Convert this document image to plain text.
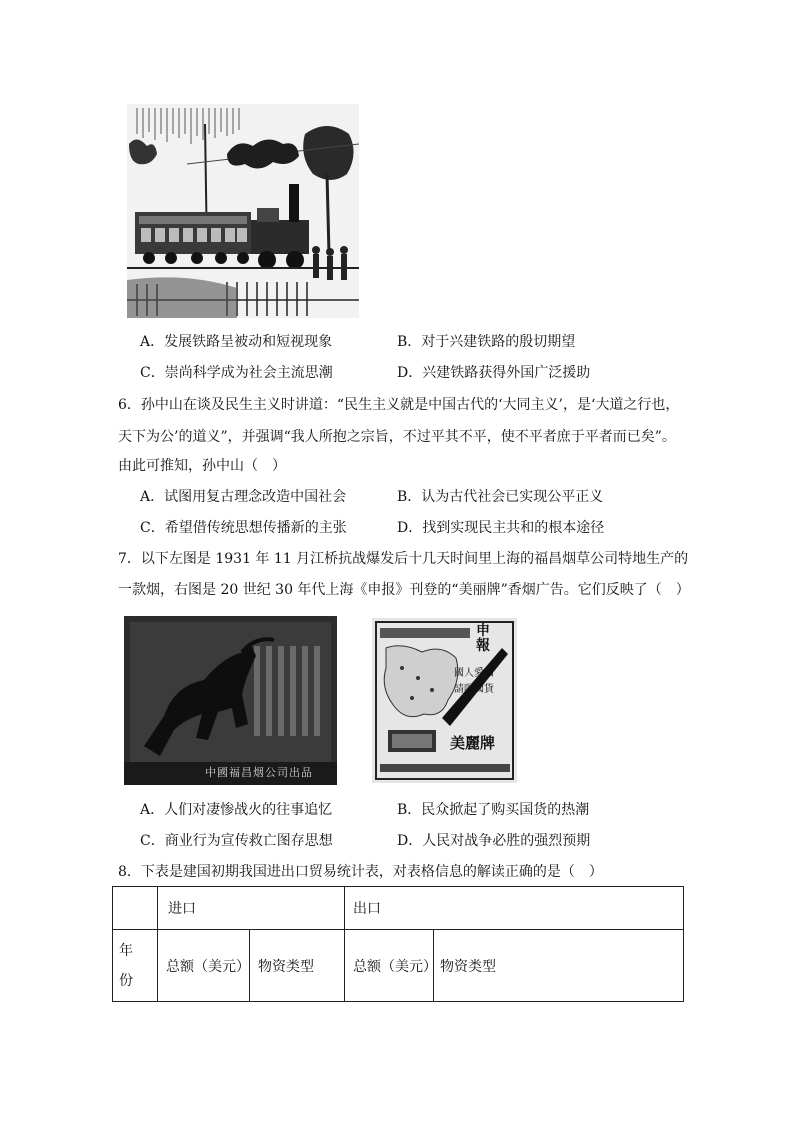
A．发展铁路呈被动和短视现象	B．对于兴建铁路的殷切期望
C．崇尚科学成为社会主流思潮	D．兴建铁路获得外国广泛援助
6．孙中山在谈及民生主义时讲道：“民生主义就是中国古代的‘大同主义’，是‘大道之行也，
天下为公’的道义”，并强调“我人所抱之宗旨，不过平其不平，使不平者庶于平者而已矣”。
由此可推知，孙中山（　）
A．试图用复古理念改造中国社会	B．认为古代社会已实现公平正义
C．希望借传统思想传播新的主张	D．找到实现民主共和的根本途径
7．以下左图是 1931 年 11 月江桥抗战爆发后十几天时间里上海的福昌烟草公司特地生产的
一款烟，右图是 20 世纪 30 年代上海《申报》刊登的“美丽牌”香烟广告。它们反映了（　）
中國福昌烟公司出品
申報
國人愛國
請吸國貨
美麗牌
A．人们对凄惨战火的往事追忆	B．民众掀起了购买国货的热潮
C．商业行为宣传救亡图存思想	D．人民对战争必胜的强烈预期
8．下表是建国初期我国进出口贸易统计表，对表格信息的解读正确的是（　）
	进口		出口	

年
份	总额（美元）	物资类型	总额（美元）	物资类型
